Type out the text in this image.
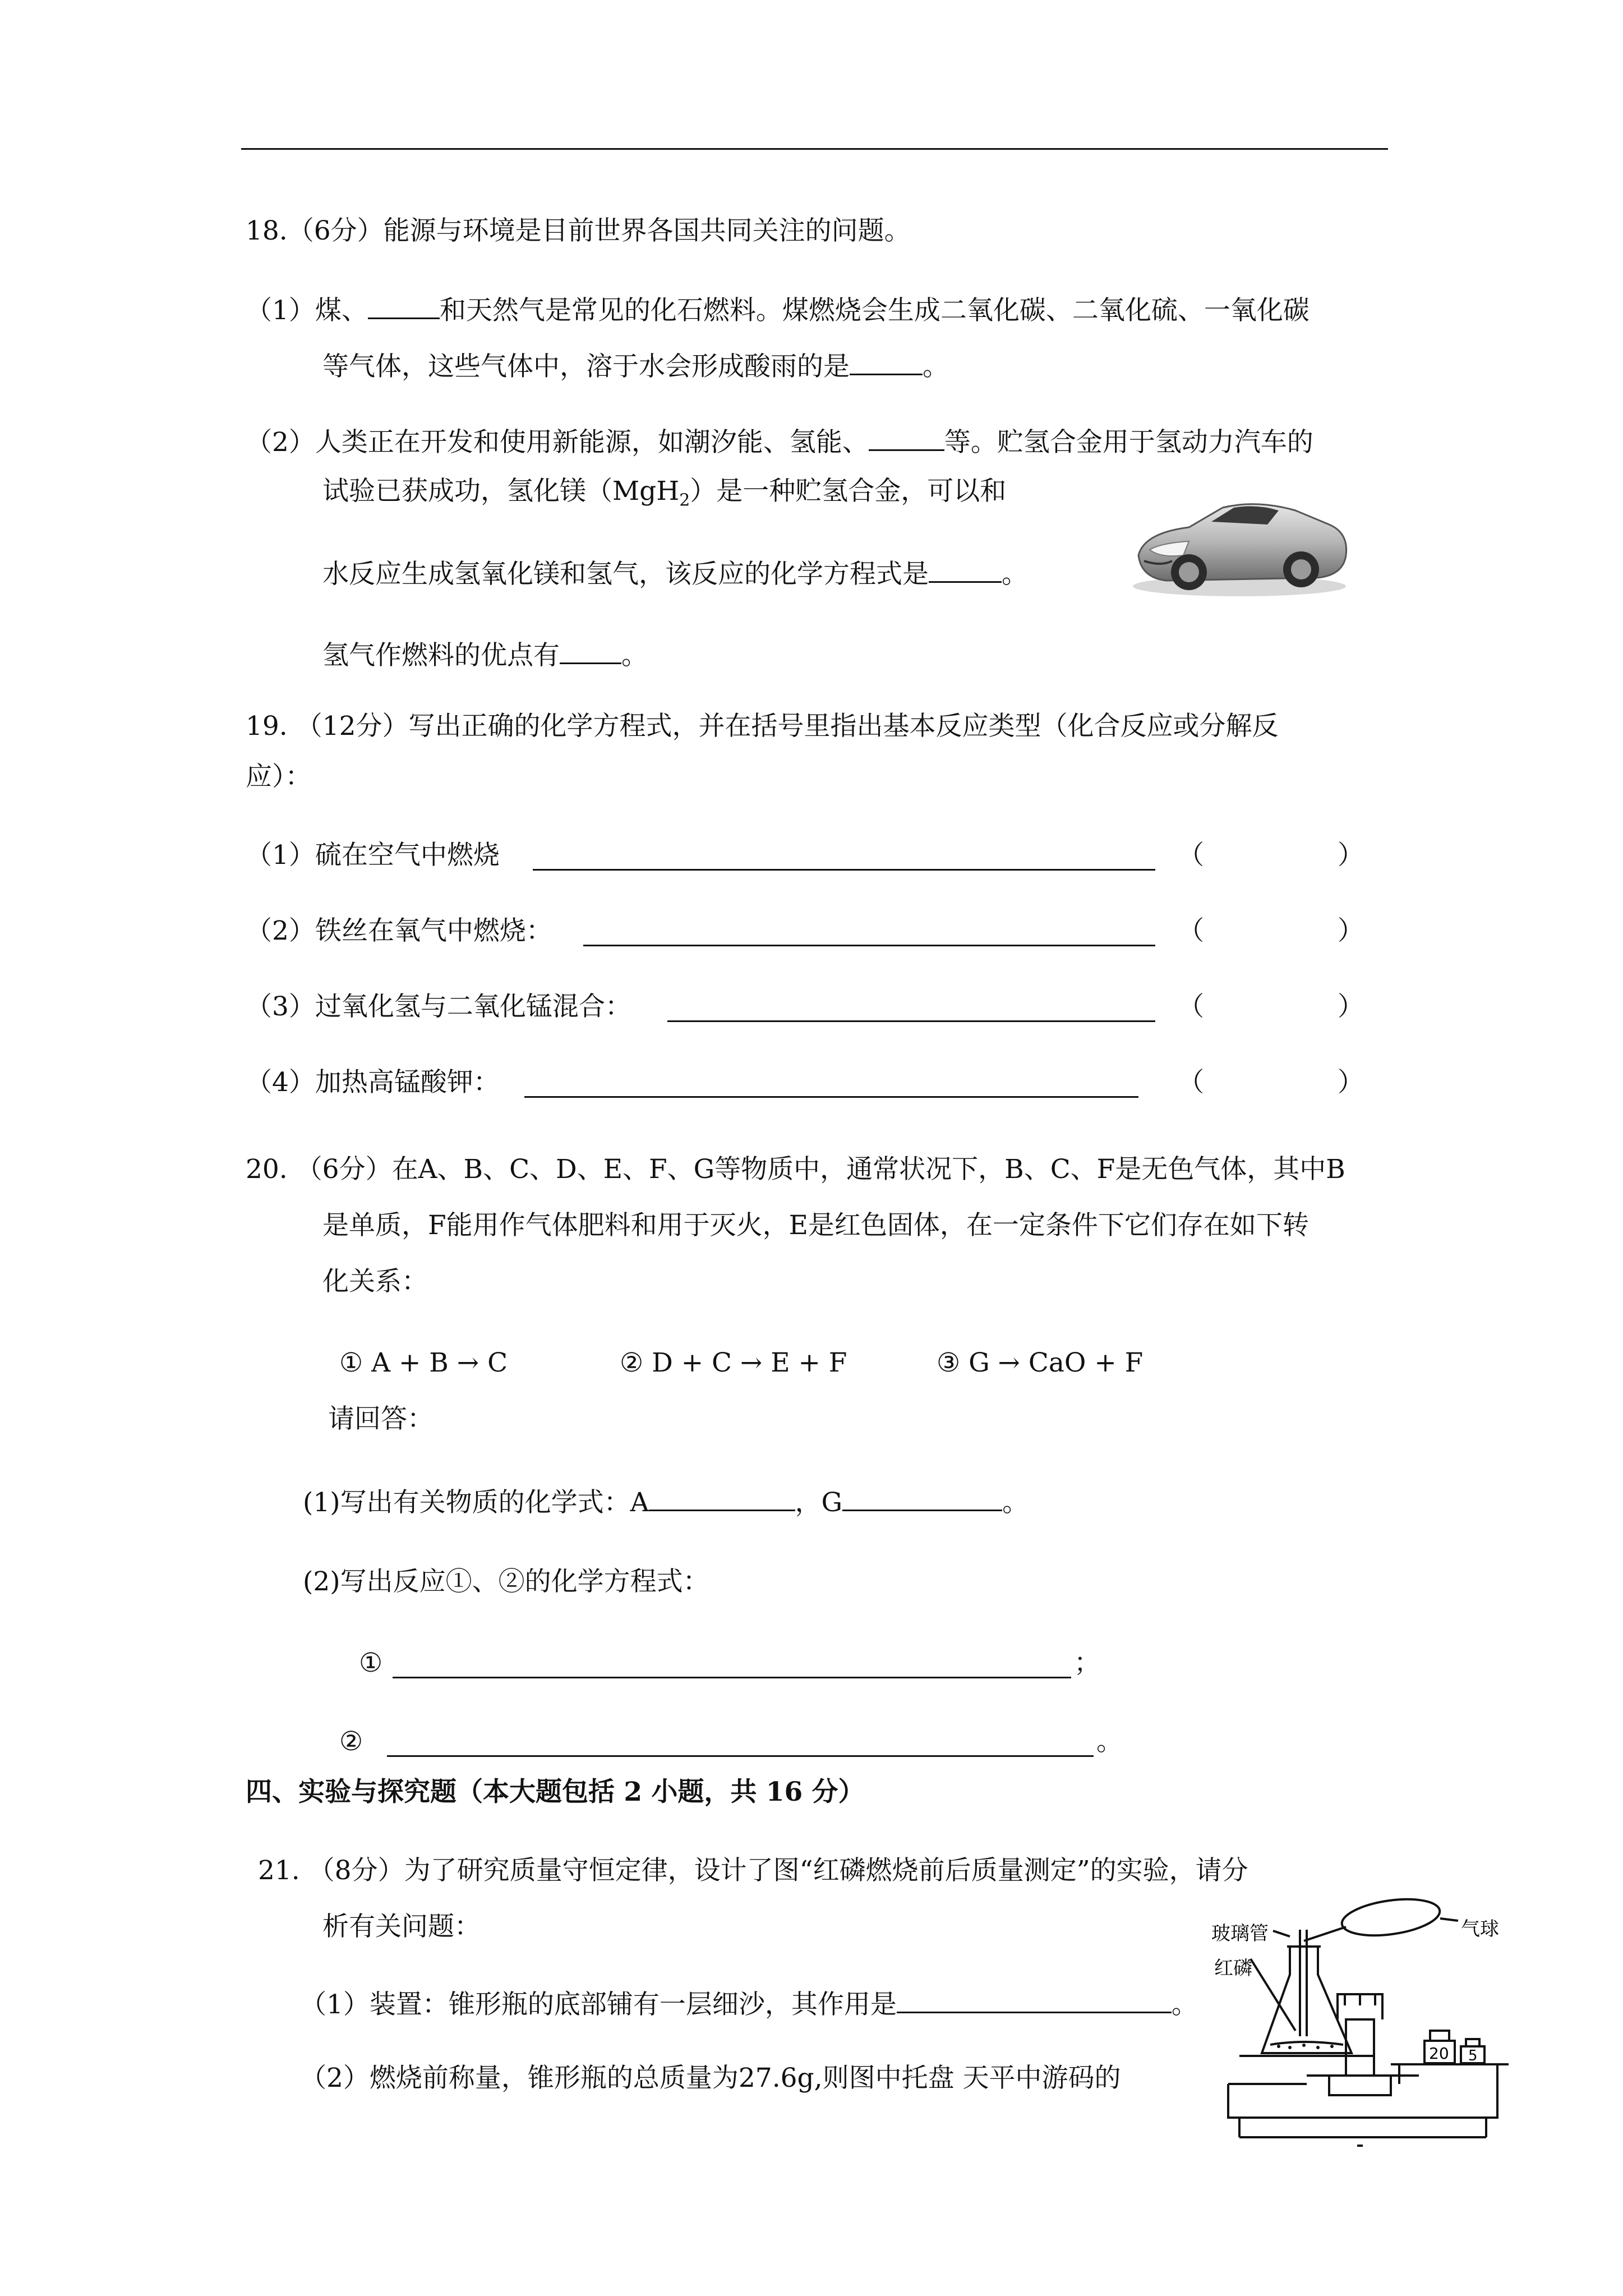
18.（6分）能源与环境是目前世界各国共同关注的问题。
（1）煤、	和天然气是常见的化石燃料。煤燃烧会生成二氧化碳、二氧化硫、一氧化碳
等气体，这些气体中，溶于水会形成酸雨的是	。
（2）人类正在开发和使用新能源，如潮汐能、氢能、	等。贮氢合金用于氢动力汽车的
试验已获成功，氢化镁（MgH$_2$）是一种贮氢合金，可以和
水反应生成氢氧化镁和氢气，该反应的化学方程式是	。
氢气作燃料的优点有 。
19. （12分）写出正确的化学方程式，并在括号里指出基本反应类型（化合反应或分解反
应）：
（1）硫在空气中燃烧	（	）
（2）铁丝在氧气中燃烧：	（	）
（3）过氧化氢与二氧化锰混合：	（	）
（4）加热高锰酸钾：	（	）
20. （6分）在A、B、C、D、E、F、G等物质中，通常状况下，B、C、F是无色气体，其中B
是单质，F能用作气体肥料和用于灭火，E是红色固体，在一定条件下它们存在如下转
化关系：
① A + B → C	② D + C → E + F	③ G → CaO + F
请回答：
(1)写出有关物质的化学式：A	，G	。
(2)写出反应①、②的化学方程式：
①	；
②	。
四、实验与探究题（本大题包括 2 小题，共 16 分）
21. （8分）为了研究质量守恒定律，设计了图“红磷燃烧前后质量测定”的实验，请分
析有关问题：
（1）装置：锥形瓶的底部铺有一层细沙，其作用是	。
（2）燃烧前称量，锥形瓶的总质量为27.6g,则图中托盘 天平中游码的
玻璃管	气球
红磷
20 5
